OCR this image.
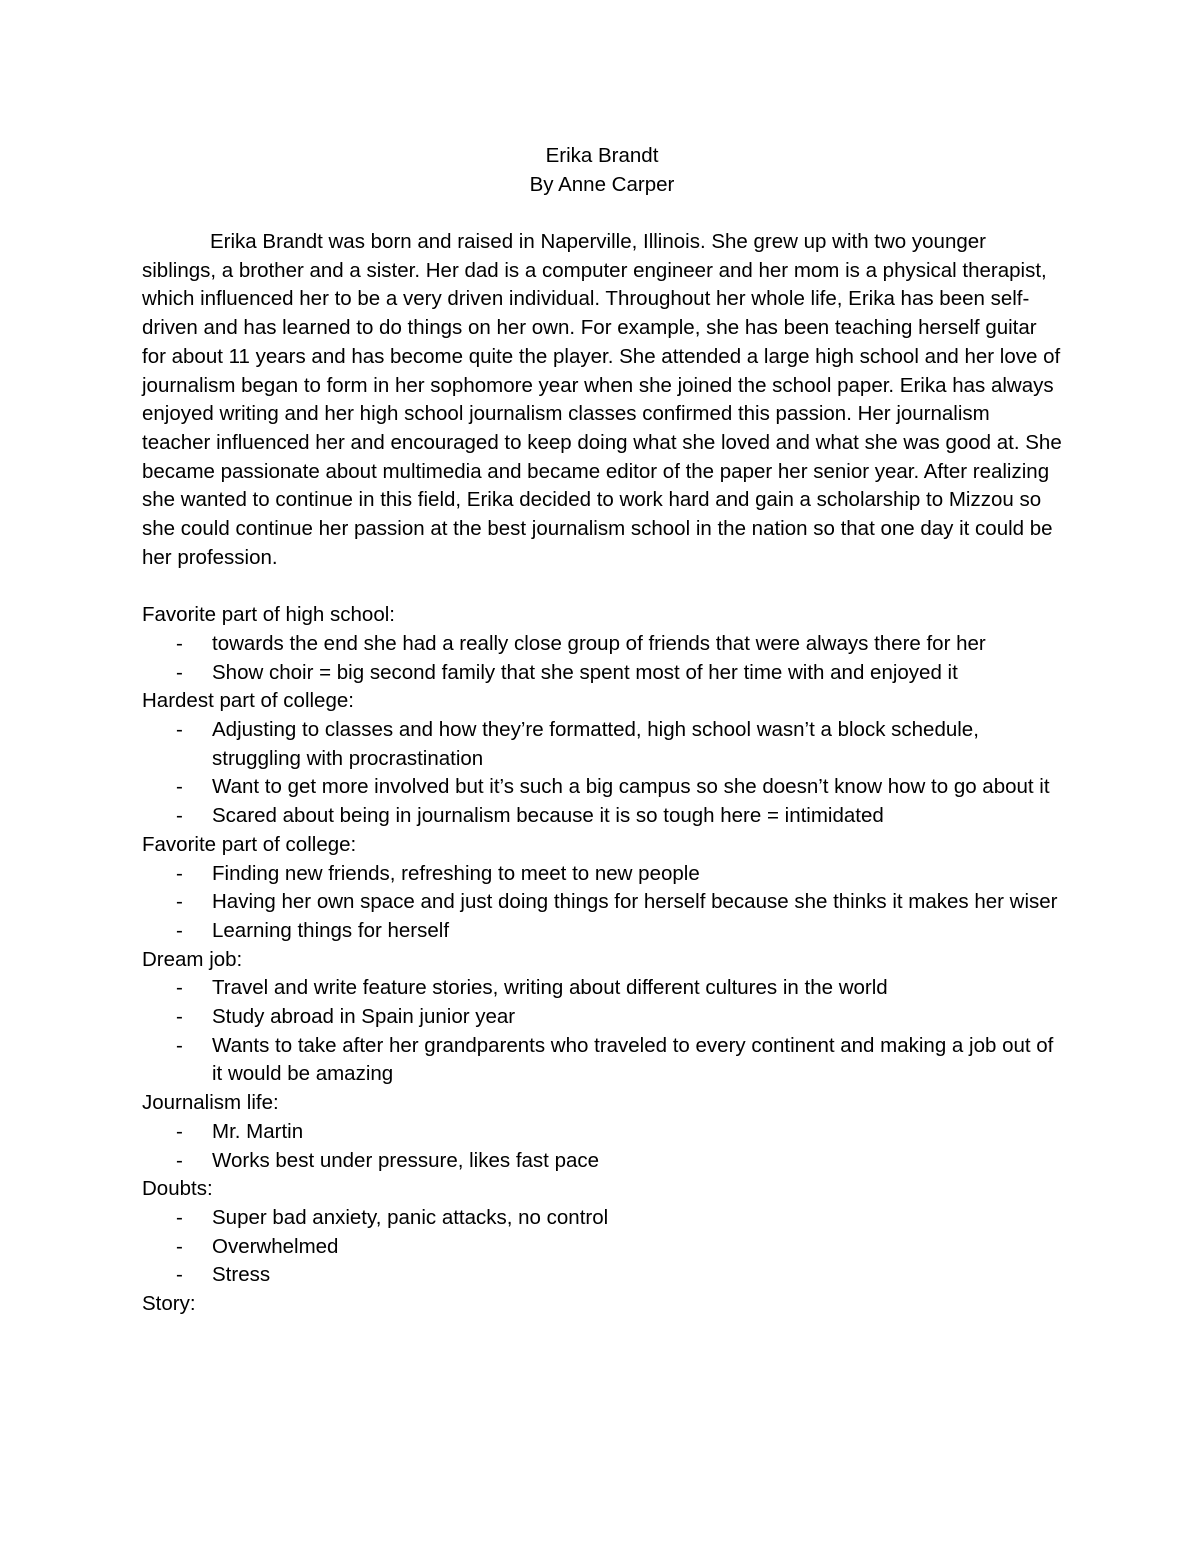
Erika Brandt

By Anne Carper

Erika Brandt was born and raised in Naperville, Illinois. She grew up with two younger siblings, a brother and a sister. Her dad is a computer engineer and her mom is a physical therapist, which influenced her to be a very driven individual. Throughout her whole life, Erika has been self-driven and has learned to do things on her own. For example, she has been teaching herself guitar for about 11 years and has become quite the player. She attended a large high school and her love of journalism began to form in her sophomore year when she joined the school paper. Erika has always enjoyed writing and her high school journalism classes confirmed this passion. Her journalism teacher influenced her and encouraged to keep doing what she loved and what she was good at. She became passionate about multimedia and became editor of the paper her senior year. After realizing she wanted to continue in this field, Erika decided to work hard and gain a scholarship to Mizzou so she could continue her passion at the best journalism school in the nation so that one day it could be her profession.

Favorite part of high school:

- towards the end she had a really close group of friends that were always there for her
- Show choir = big second family that she spent most of her time with and enjoyed it

Hardest part of college:

- Adjusting to classes and how they’re formatted, high school wasn’t a block schedule, struggling with procrastination
- Want to get more involved but it’s such a big campus so she doesn’t know how to go about it
- Scared about being in journalism because it is so tough here = intimidated

Favorite part of college:

- Finding new friends, refreshing to meet to new people
- Having her own space and just doing things for herself because she thinks it makes her wiser
- Learning things for herself

Dream job:

- Travel and write feature stories, writing about different cultures in the world
- Study abroad in Spain junior year
- Wants to take after her grandparents who traveled to every continent and making a job out of it would be amazing

Journalism life:

- Mr. Martin
- Works best under pressure, likes fast pace

Doubts:

- Super bad anxiety, panic attacks, no control
- Overwhelmed
- Stress

Story:
